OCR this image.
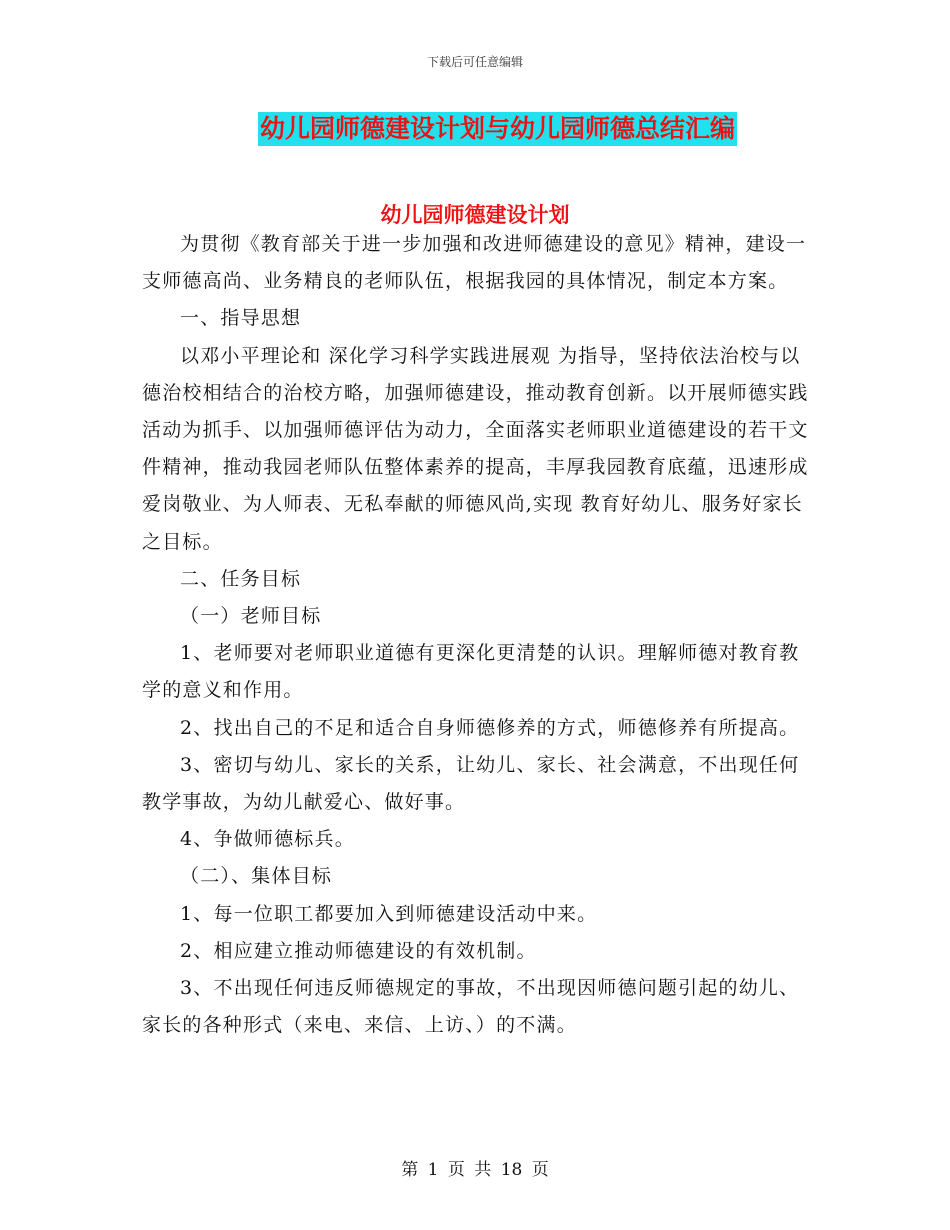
下载后可任意编辑
幼儿园师德建设计划与幼儿园师德总结汇编
幼儿园师德建设计划

为贯彻《教育部关于进一步加强和改进师德建设的意见》精神，建设一支师德高尚、业务精良的老师队伍，根据我园的具体情况，制定本方案。

一、指导思想

以邓小平理论和 深化学习科学实践进展观 为指导，坚持依法治校与以德治校相结合的治校方略，加强师德建设，推动教育创新。以开展师德实践活动为抓手、以加强师德评估为动力，全面落实老师职业道德建设的若干文件精神，推动我园老师队伍整体素养的提高，丰厚我园教育底蕴，迅速形成爱岗敬业、为人师表、无私奉献的师德风尚,实现 教育好幼儿、服务好家长 之目标。

二、任务目标

（一）老师目标

1、老师要对老师职业道德有更深化更清楚的认识。理解师德对教育教学的意义和作用。

2、找出自己的不足和适合自身师德修养的方式，师德修养有所提高。

3、密切与幼儿、家长的关系，让幼儿、家长、社会满意，不出现任何教学事故，为幼儿献爱心、做好事。

4、争做师德标兵。

（二）、集体目标

1、每一位职工都要加入到师德建设活动中来。

2、相应建立推动师德建设的有效机制。

3、不出现任何违反师德规定的事故，不出现因师德问题引起的幼儿、家长的各种形式（来电、来信、上访、）的不满。

第 1 页 共 18 页
